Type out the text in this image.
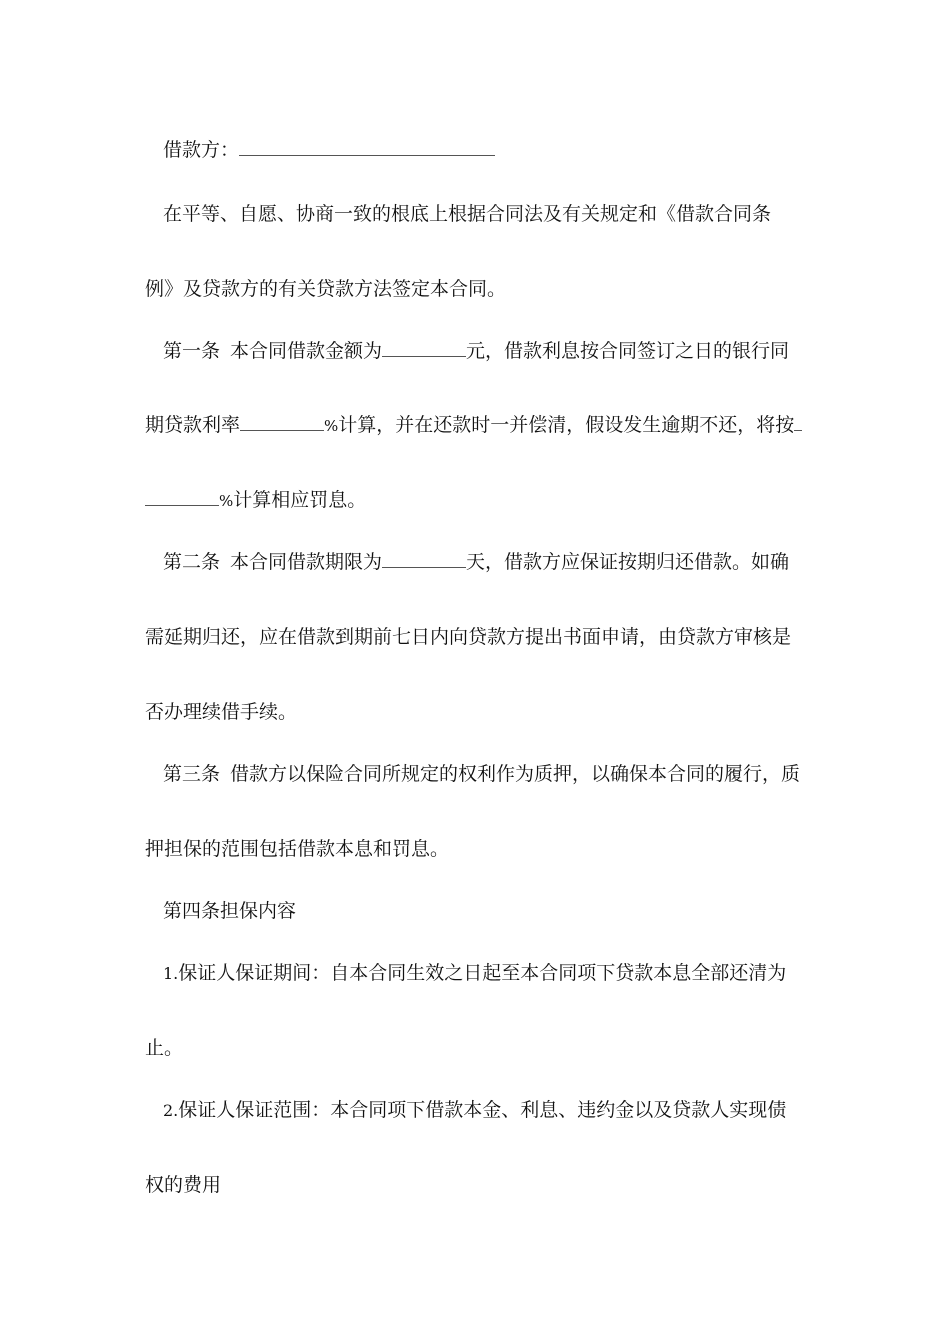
借款方：
在平等、自愿、协商一致的根底上根据合同法及有关规定和《借款合同条
例》及贷款方的有关贷款方法签定本合同。
第一条 本合同借款金额为	元，借款利息按合同签订之日的银行同
期贷款利率	%计算，并在还款时一并偿清，假设发生逾期不还，将按
%计算相应罚息。
第二条 本合同借款期限为	天，借款方应保证按期归还借款。如确
需延期归还，应在借款到期前七日内向贷款方提出书面申请，由贷款方审核是
否办理续借手续。
第三条 借款方以保险合同所规定的权利作为质押，以确保本合同的履行，质
押担保的范围包括借款本息和罚息。
第四条担保内容
1.保证人保证期间：自本合同生效之日起至本合同项下贷款本息全部还清为
止。
2.保证人保证范围：本合同项下借款本金、利息、违约金以及贷款人实现债
权的费用
